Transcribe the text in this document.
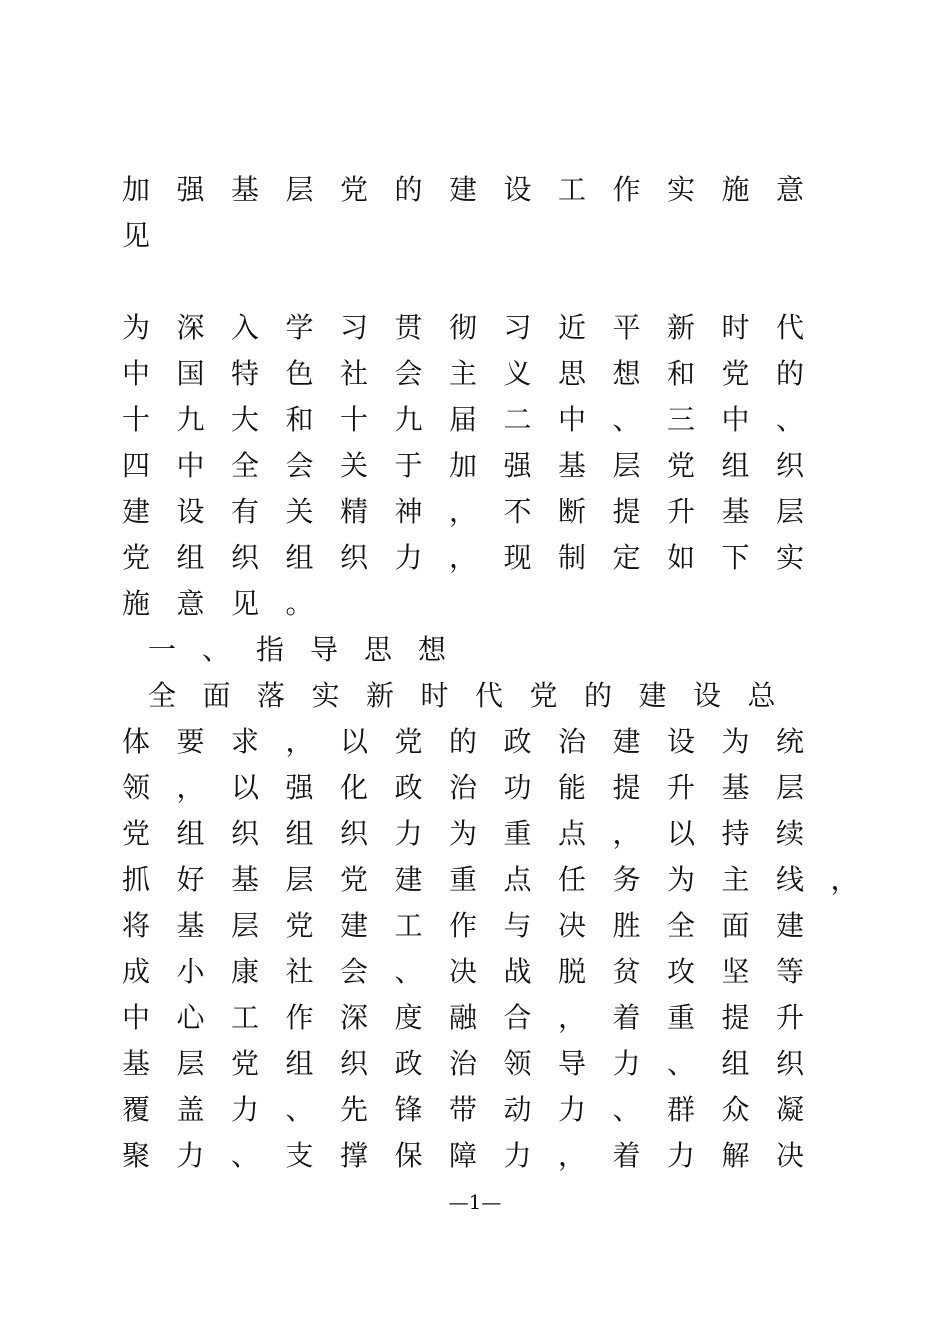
加 强 基 层 党 的 建 设 工 作 实 施 意
见
为 深 入 学 习 贯 彻 习 近 平 新 时 代
中 国 特 色 社 会 主 义 思 想 和 党 的
十 九 大 和 十 九 届 二 中 、 三 中 、
四 中 全 会 关 于 加 强 基 层 党 组 织
建 设 有 关 精 神 ， 不 断 提 升 基 层
党 组 织 组 织 力 ， 现 制 定 如 下 实
施 意 见 。
一 、 指 导 思 想
全 面 落 实 新 时 代 党 的 建 设 总
体 要 求 ， 以 党 的 政 治 建 设 为 统
领 ， 以 强 化 政 治 功 能 提 升 基 层
党 组 织 组 织 力 为 重 点 ， 以 持 续
抓 好 基 层 党 建 重 点 任 务 为 主 线 ，
将 基 层 党 建 工 作 与 决 胜 全 面 建
成 小 康 社 会 、 决 战 脱 贫 攻 坚 等
中 心 工 作 深 度 融 合 ， 着 重 提 升
基 层 党 组 织 政 治 领 导 力 、 组 织
覆 盖 力 、 先 锋 带 动 力 、 群 众 凝
聚 力 、 支 撑 保 障 力 ， 着 力 解 决
—1—
